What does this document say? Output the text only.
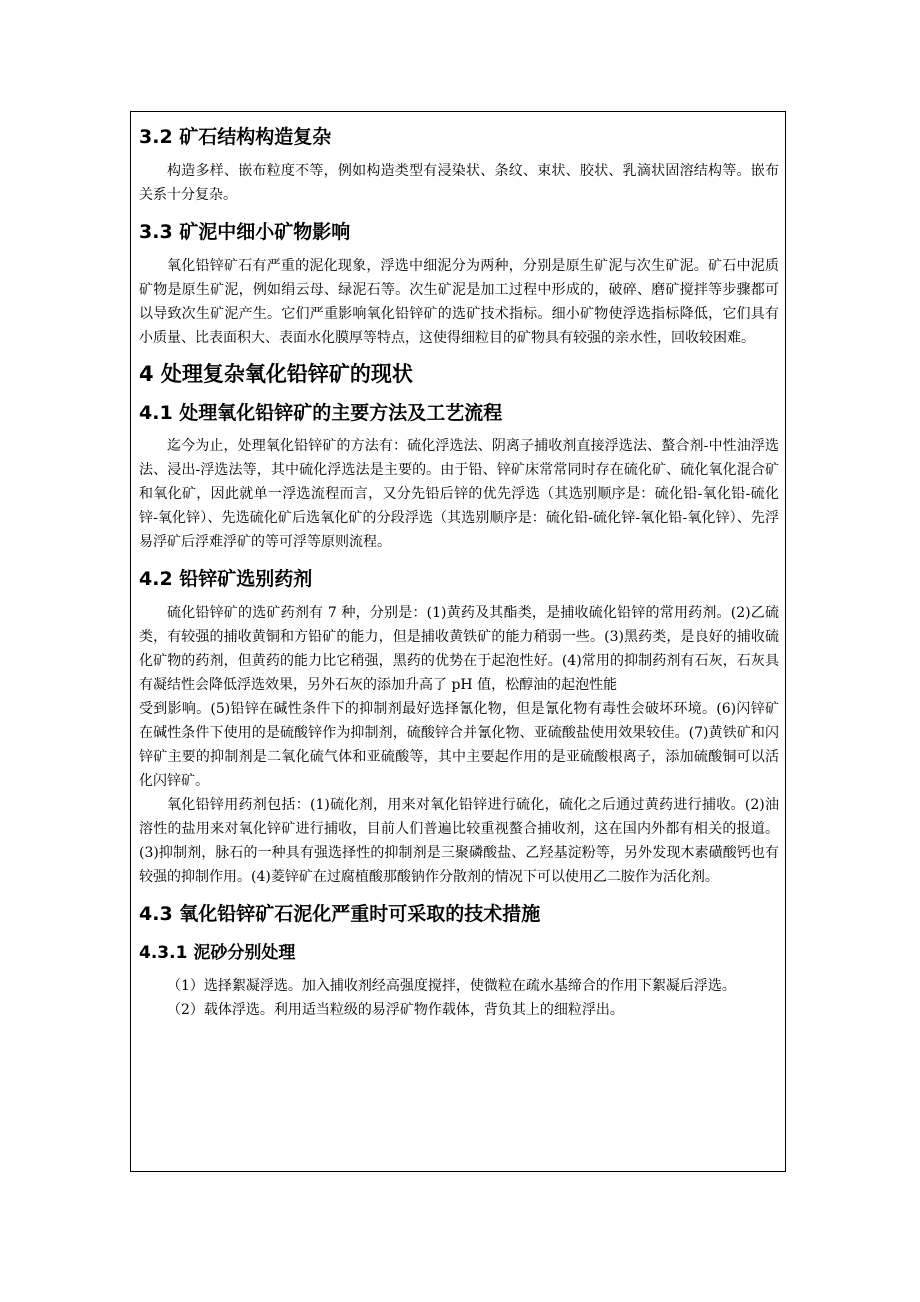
3.2 矿石结构构造复杂

构造多样、嵌布粒度不等，例如构造类型有浸染状、条纹、束状、胶状、乳滴状固溶结构等。嵌布关系十分复杂。

3.3 矿泥中细小矿物影响

氧化铅锌矿石有严重的泥化现象，浮选中细泥分为两种，分别是原生矿泥与次生矿泥。矿石中泥质矿物是原生矿泥，例如绢云母、绿泥石等。次生矿泥是加工过程中形成的，破碎、磨矿搅拌等步骤都可以导致次生矿泥产生。它们严重影响氧化铅锌矿的选矿技术指标。细小矿物使浮选指标降低，它们具有小质量、比表面积大、表面水化膜厚等特点，这使得细粒目的矿物具有较强的亲水性，回收较困难。

4 处理复杂氧化铅锌矿的现状
4.1 处理氧化铅锌矿的主要方法及工艺流程

迄今为止，处理氧化铅锌矿的方法有：硫化浮选法、阴离子捕收剂直接浮选法、螯合剂-中性油浮选法、浸出-浮选法等，其中硫化浮选法是主要的。由于铅、锌矿床常常同时存在硫化矿、硫化氧化混合矿和氧化矿，因此就单一浮选流程而言，又分先铅后锌的优先浮选（其选别顺序是：硫化铅-氧化铅-硫化锌-氧化锌）、先选硫化矿后选氧化矿的分段浮选（其选别顺序是：硫化铅-硫化锌-氧化铅-氧化锌）、先浮易浮矿后浮难浮矿的等可浮等原则流程。

4.2 铅锌矿选别药剂

硫化铅锌矿的选矿药剂有 7 种，分别是：(1)黄药及其酯类，是捕收硫化铅锌的常用药剂。(2)乙硫类，有较强的捕收黄铜和方铅矿的能力，但是捕收黄铁矿的能力稍弱一些。(3)黑药类，是良好的捕收硫化矿物的药剂，但黄药的能力比它稍强，黑药的优势在于起泡性好。(4)常用的抑制药剂有石灰，石灰具有凝结性会降低浮选效果，另外石灰的添加升高了 pH 值，松醇油的起泡性能

受到影响。(5)铅锌在碱性条件下的抑制剂最好选择氰化物，但是氰化物有毒性会破坏环境。(6)闪锌矿在碱性条件下使用的是硫酸锌作为抑制剂，硫酸锌合并氰化物、亚硫酸盐使用效果较佳。(7)黄铁矿和闪锌矿主要的抑制剂是二氧化硫气体和亚硫酸等，其中主要起作用的是亚硫酸根离子，添加硫酸铜可以活化闪锌矿。

氧化铅锌用药剂包括：(1)硫化剂，用来对氧化铅锌进行硫化，硫化之后通过黄药进行捕收。(2)油溶性的盐用来对氧化锌矿进行捕收，目前人们普遍比较重视螯合捕收剂，这在国内外都有相关的报道。(3)抑制剂，脉石的一种具有强选择性的抑制剂是三聚磷酸盐、乙羟基淀粉等，另外发现木素磺酸钙也有较强的抑制作用。(4)菱锌矿在过腐植酸那酸钠作分散剂的情况下可以使用乙二胺作为活化剂。

4.3 氧化铅锌矿石泥化严重时可采取的技术措施
4.3.1 泥砂分别处理

（1）选择絮凝浮选。加入捕收剂经高强度搅拌，使微粒在疏水基缔合的作用下絮凝后浮选。

（2）载体浮选。利用适当粒级的易浮矿物作载体，背负其上的细粒浮出。
